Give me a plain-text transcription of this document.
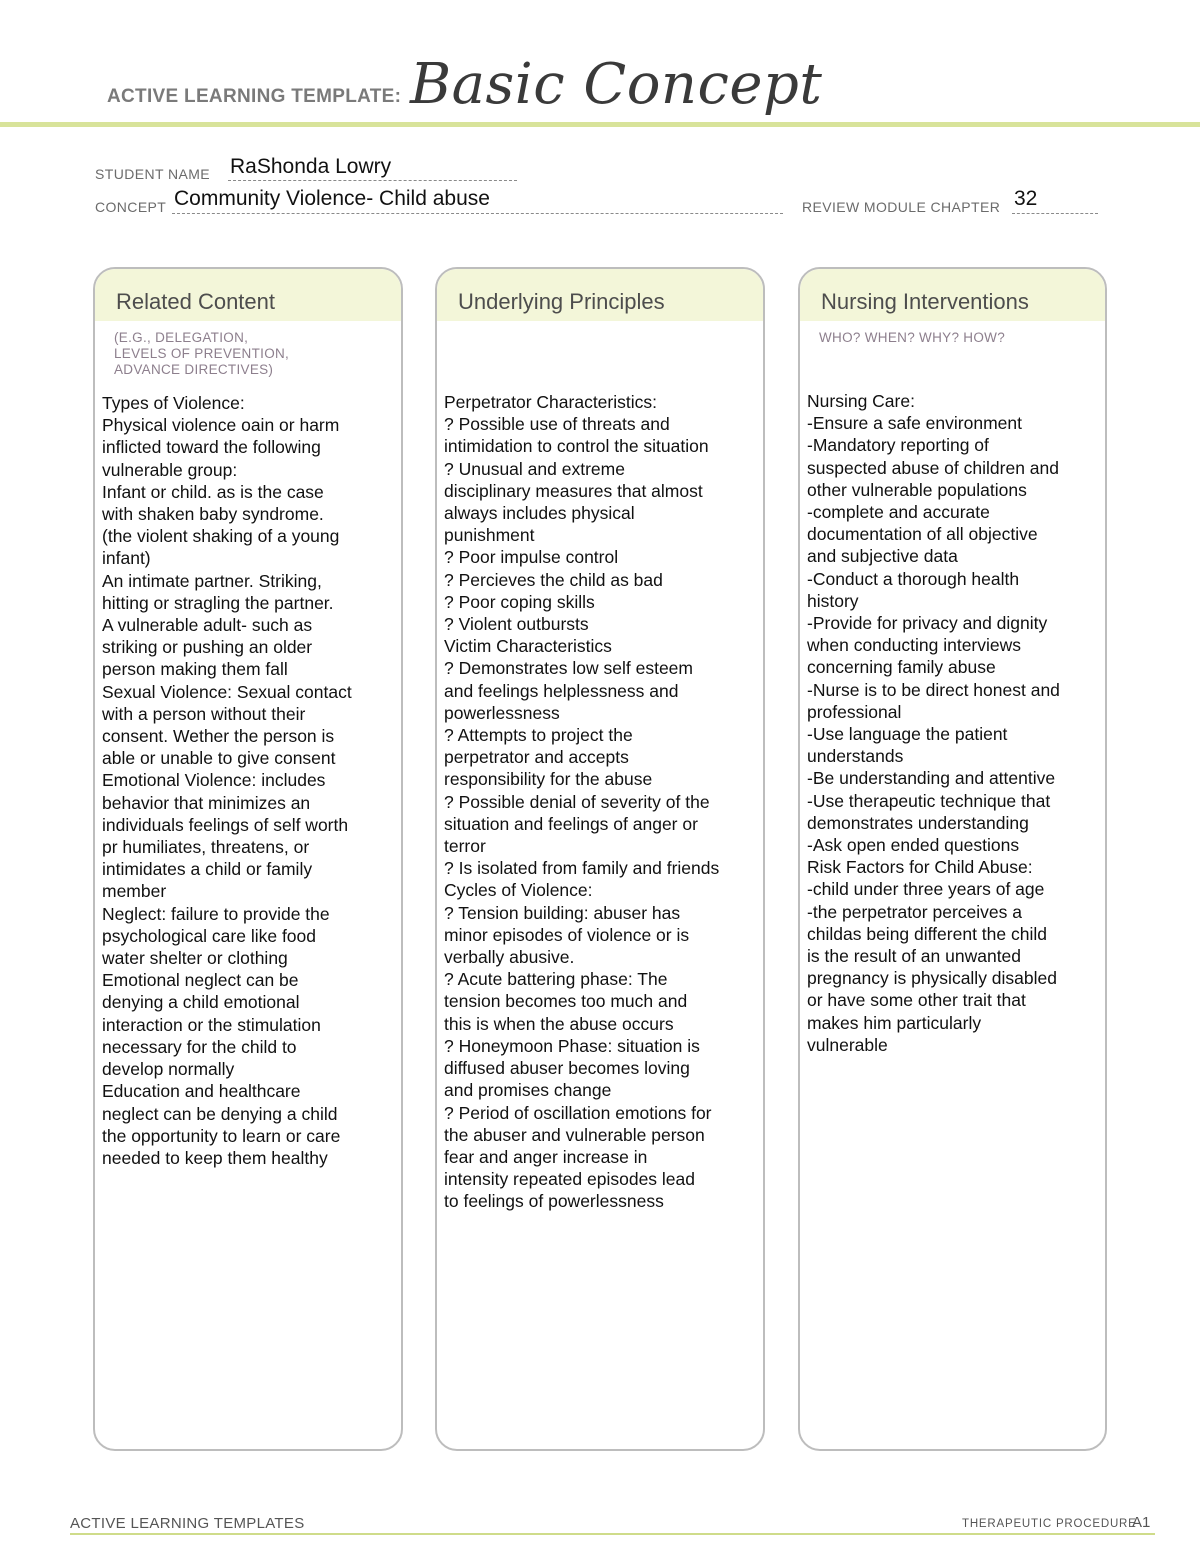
ACTIVE LEARNING TEMPLATE: Basic Concept
STUDENT NAME RaShonda Lowry
CONCEPT Community Violence- Child abuse	REVIEW MODULE CHAPTER 32
Related Content
(E.G., DELEGATION,
LEVELS OF PREVENTION,
ADVANCE DIRECTIVES)
Types of Violence:
Physical violence oain or harm
inflicted toward the following
vulnerable group:
Infant or child. as is the case
with shaken baby syndrome.
(the violent shaking of a young
infant)
An intimate partner. Striking,
hitting or stragling the partner.
A vulnerable adult- such as
striking or pushing an older
person making them fall
Sexual Violence: Sexual contact
with a person without their
consent. Wether the person is
able or unable to give consent
Emotional Violence: includes
behavior that minimizes an
individuals feelings of self worth
pr humiliates, threatens, or
intimidates a child or family
member
Neglect: failure to provide the
psychological care like food
water shelter or clothing
Emotional neglect can be
denying a child emotional
interaction or the stimulation
necessary for the child to
develop normally
Education and healthcare
neglect can be denying a child
the opportunity to learn or care
needed to keep them healthy
Underlying Principles
Perpetrator Characteristics:
? Possible use of threats and
intimidation to control the situation
? Unusual and extreme
disciplinary measures that almost
always includes physical
punishment
? Poor impulse control
? Percieves the child as bad
? Poor coping skills
? Violent outbursts
Victim Characteristics
? Demonstrates low self esteem
and feelings helplessness and
powerlessness
? Attempts to project the
perpetrator and accepts
responsibility for the abuse
? Possible denial of severity of the
situation and feelings of anger or
terror
? Is isolated from family and friends
Cycles of Violence:
? Tension building: abuser has
minor episodes of violence or is
verbally abusive.
? Acute battering phase: The
tension becomes too much and
this is when the abuse occurs
? Honeymoon Phase: situation is
diffused abuser becomes loving
and promises change
? Period of oscillation emotions for
the abuser and vulnerable person
fear and anger increase in
intensity repeated episodes lead
to feelings of powerlessness
Nursing Interventions
WHO? WHEN? WHY? HOW?
Nursing Care:
-Ensure a safe environment
-Mandatory reporting of
suspected abuse of children and
other vulnerable populations
-complete and accurate
documentation of all objective
and subjective data
-Conduct a thorough health
history
-Provide for privacy and dignity
when conducting interviews
concerning family abuse
-Nurse is to be direct honest and
professional
-Use language the patient
understands
-Be understanding and attentive
-Use therapeutic technique that
demonstrates understanding
-Ask open ended questions
Risk Factors for Child Abuse:
-child under three years of age
-the perpetrator perceives a
childas being different the child
is the result of an unwanted
pregnancy is physically disabled
or have some other trait that
makes him particularly
vulnerable
ACTIVE LEARNING TEMPLATES	THERAPEUTIC PROCEDURE
A1
